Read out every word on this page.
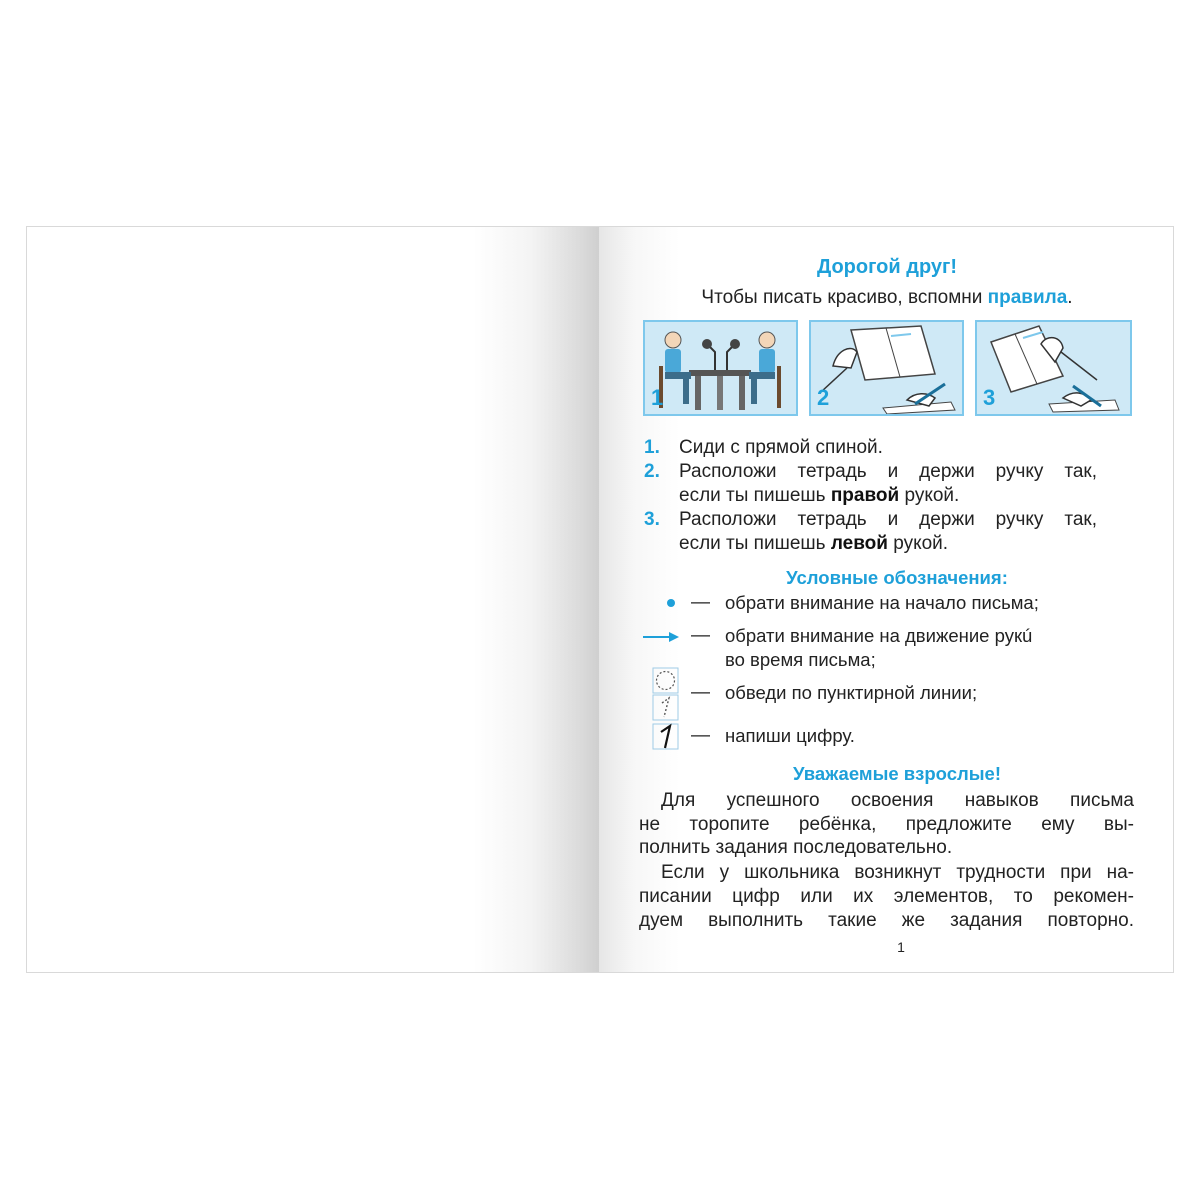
Дорогой друг!
Чтобы писать красиво, вспомни правила.
1	2	3
1. Сиди с прямой спиной.
2. Расположи тетрадь и держи ручку так,
если ты пишешь правой рукой.
3. Расположи тетрадь и держи ручку так,
если ты пишешь левой рукой.
Условные обозначения:
— обрати внимание на начало письма;
— обрати внимание на движение рукú
во время письма;
— обведи по пунктирной линии;
— напиши цифру.
Уважаемые взрослые!
Для успешного освоения навыков письма
не торопите ребёнка, предложите ему вы-
полнить задания последовательно.
Если у школьника возникнут трудности при на-
писании цифр или их элементов, то рекомен-
дуем выполнить такие же задания повторно.
1
